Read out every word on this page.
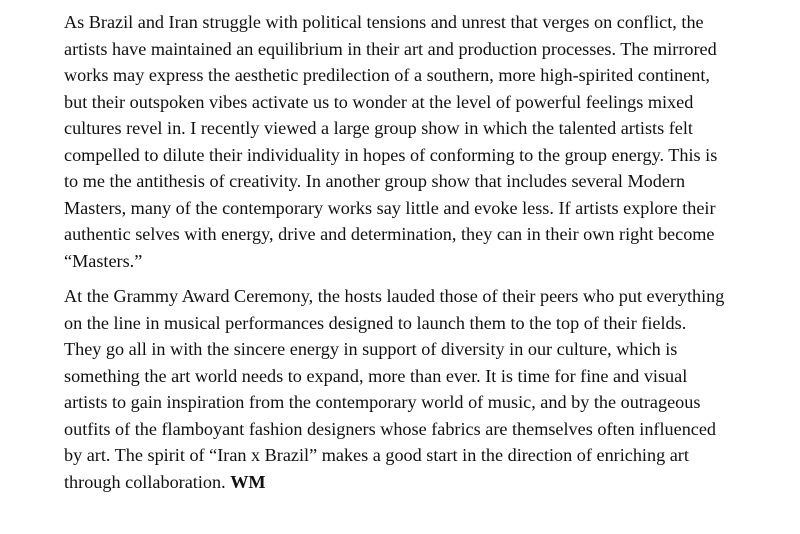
As Brazil and Iran struggle with political tensions and unrest that verges on conflict, the
artists have maintained an equilibrium in their art and production processes. The mirrored
works may express the aesthetic predilection of a southern, more high-spirited continent,
but their outspoken vibes activate us to wonder at the level of powerful feelings mixed
cultures revel in. I recently viewed a large group show in which the talented artists felt
compelled to dilute their individuality in hopes of conforming to the group energy. This is
to me the antithesis of creativity. In another group show that includes several Modern
Masters, many of the contemporary works say little and evoke less. If artists explore their
authentic selves with energy, drive and determination, they can in their own right become
“Masters.”

At the Grammy Award Ceremony, the hosts lauded those of their peers who put everything
on the line in musical performances designed to launch them to the top of their fields.
They go all in with the sincere energy in support of diversity in our culture, which is
something the art world needs to expand, more than ever. It is time for fine and visual
artists to gain inspiration from the contemporary world of music, and by the outrageous
outfits of the flamboyant fashion designers whose fabrics are themselves often influenced
by art. The spirit of “Iran x Brazil” makes a good start in the direction of enriching art
through collaboration. WM
